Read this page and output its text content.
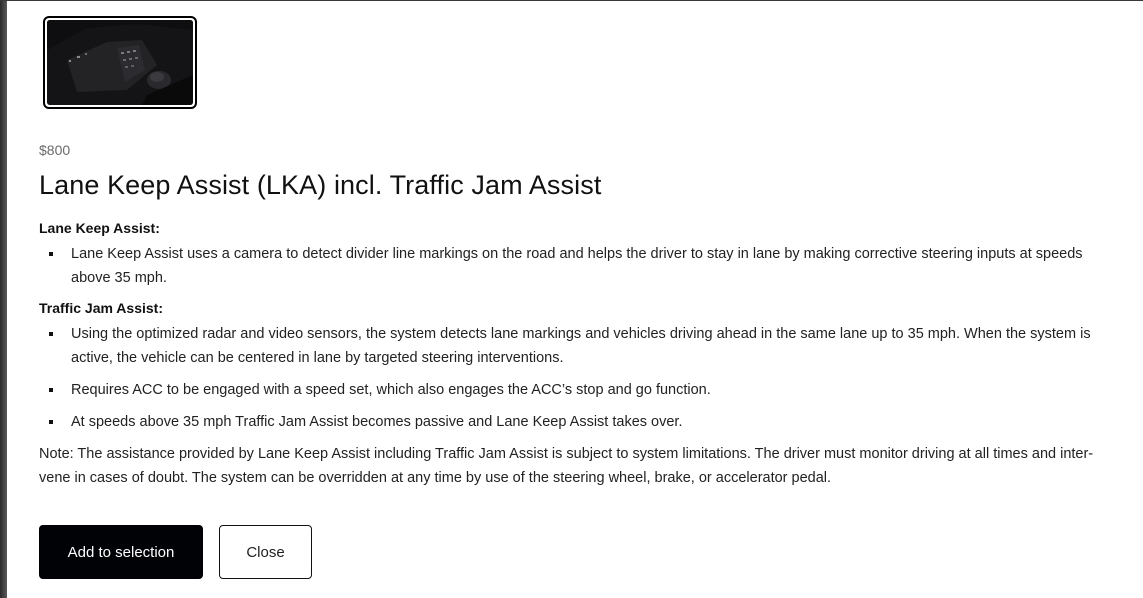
$800
Lane Keep Assist (LKA) incl. Traffic Jam Assist
Lane Keep Assist:
Lane Keep Assist uses a camera to detect divider line markings on the road and helps the driver to stay in lane by making corrective steering inputs at speeds above 35 mph.
Traffic Jam Assist:
Using the optimized radar and video sensors, the system detects lane markings and vehicles driving ahead in the same lane up to 35 mph. When the system is active, the vehicle can be centered in lane by targeted steering interventions.
Requires ACC to be engaged with a speed set, which also engages the ACC’s stop and go function.
At speeds above 35 mph Traffic Jam Assist becomes passive and Lane Keep Assist takes over.

Note: The assistance provided by Lane Keep Assist including Traffic Jam Assist is subject to system limitations. The driver must monitor driving at all times and inter-vene in cases of doubt. The system can be overridden at any time by use of the steering wheel, brake, or accelerator pedal.

Add to selection	Close
